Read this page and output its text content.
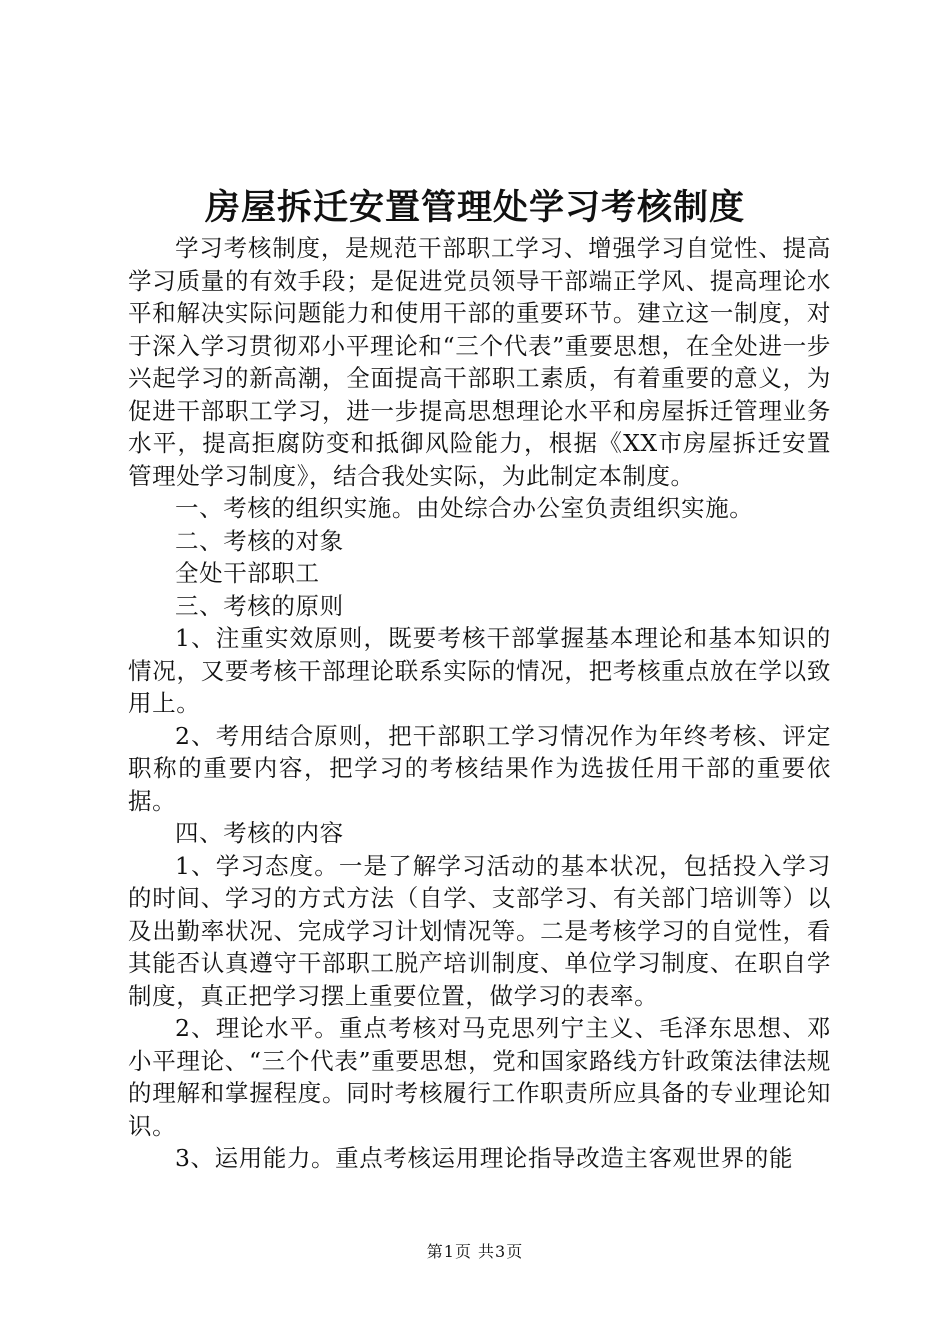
房屋拆迁安置管理处学习考核制度

学习考核制度，是规范干部职工学习、增强学习自觉性、提高学习质量的有效手段；是促进党员领导干部端正学风、提高理论水平和解决实际问题能力和使用干部的重要环节。建立这一制度，对于深入学习贯彻邓小平理论和“三个代表”重要思想，在全处进一步兴起学习的新高潮，全面提高干部职工素质，有着重要的意义，为促进干部职工学习，进一步提高思想理论水平和房屋拆迁管理业务水平，提高拒腐防变和抵御风险能力，根据《XX市房屋拆迁安置管理处学习制度》，结合我处实际，为此制定本制度。

一、考核的组织实施。由处综合办公室负责组织实施。

二、考核的对象

全处干部职工

三、考核的原则

1、注重实效原则，既要考核干部掌握基本理论和基本知识的情况，又要考核干部理论联系实际的情况，把考核重点放在学以致用上。

2、考用结合原则，把干部职工学习情况作为年终考核、评定职称的重要内容，把学习的考核结果作为选拔任用干部的重要依据。

四、考核的内容

1、学习态度。一是了解学习活动的基本状况，包括投入学习的时间、学习的方式方法（自学、支部学习、有关部门培训等）以及出勤率状况、完成学习计划情况等。二是考核学习的自觉性，看其能否认真遵守干部职工脱产培训制度、单位学习制度、在职自学制度，真正把学习摆上重要位置，做学习的表率。

2、理论水平。重点考核对马克思列宁主义、毛泽东思想、邓小平理论、“三个代表”重要思想，党和国家路线方针政策法律法规的理解和掌握程度。同时考核履行工作职责所应具备的专业理论知识。

3、运用能力。重点考核运用理论指导改造主客观世界的能

第1页 共3页
